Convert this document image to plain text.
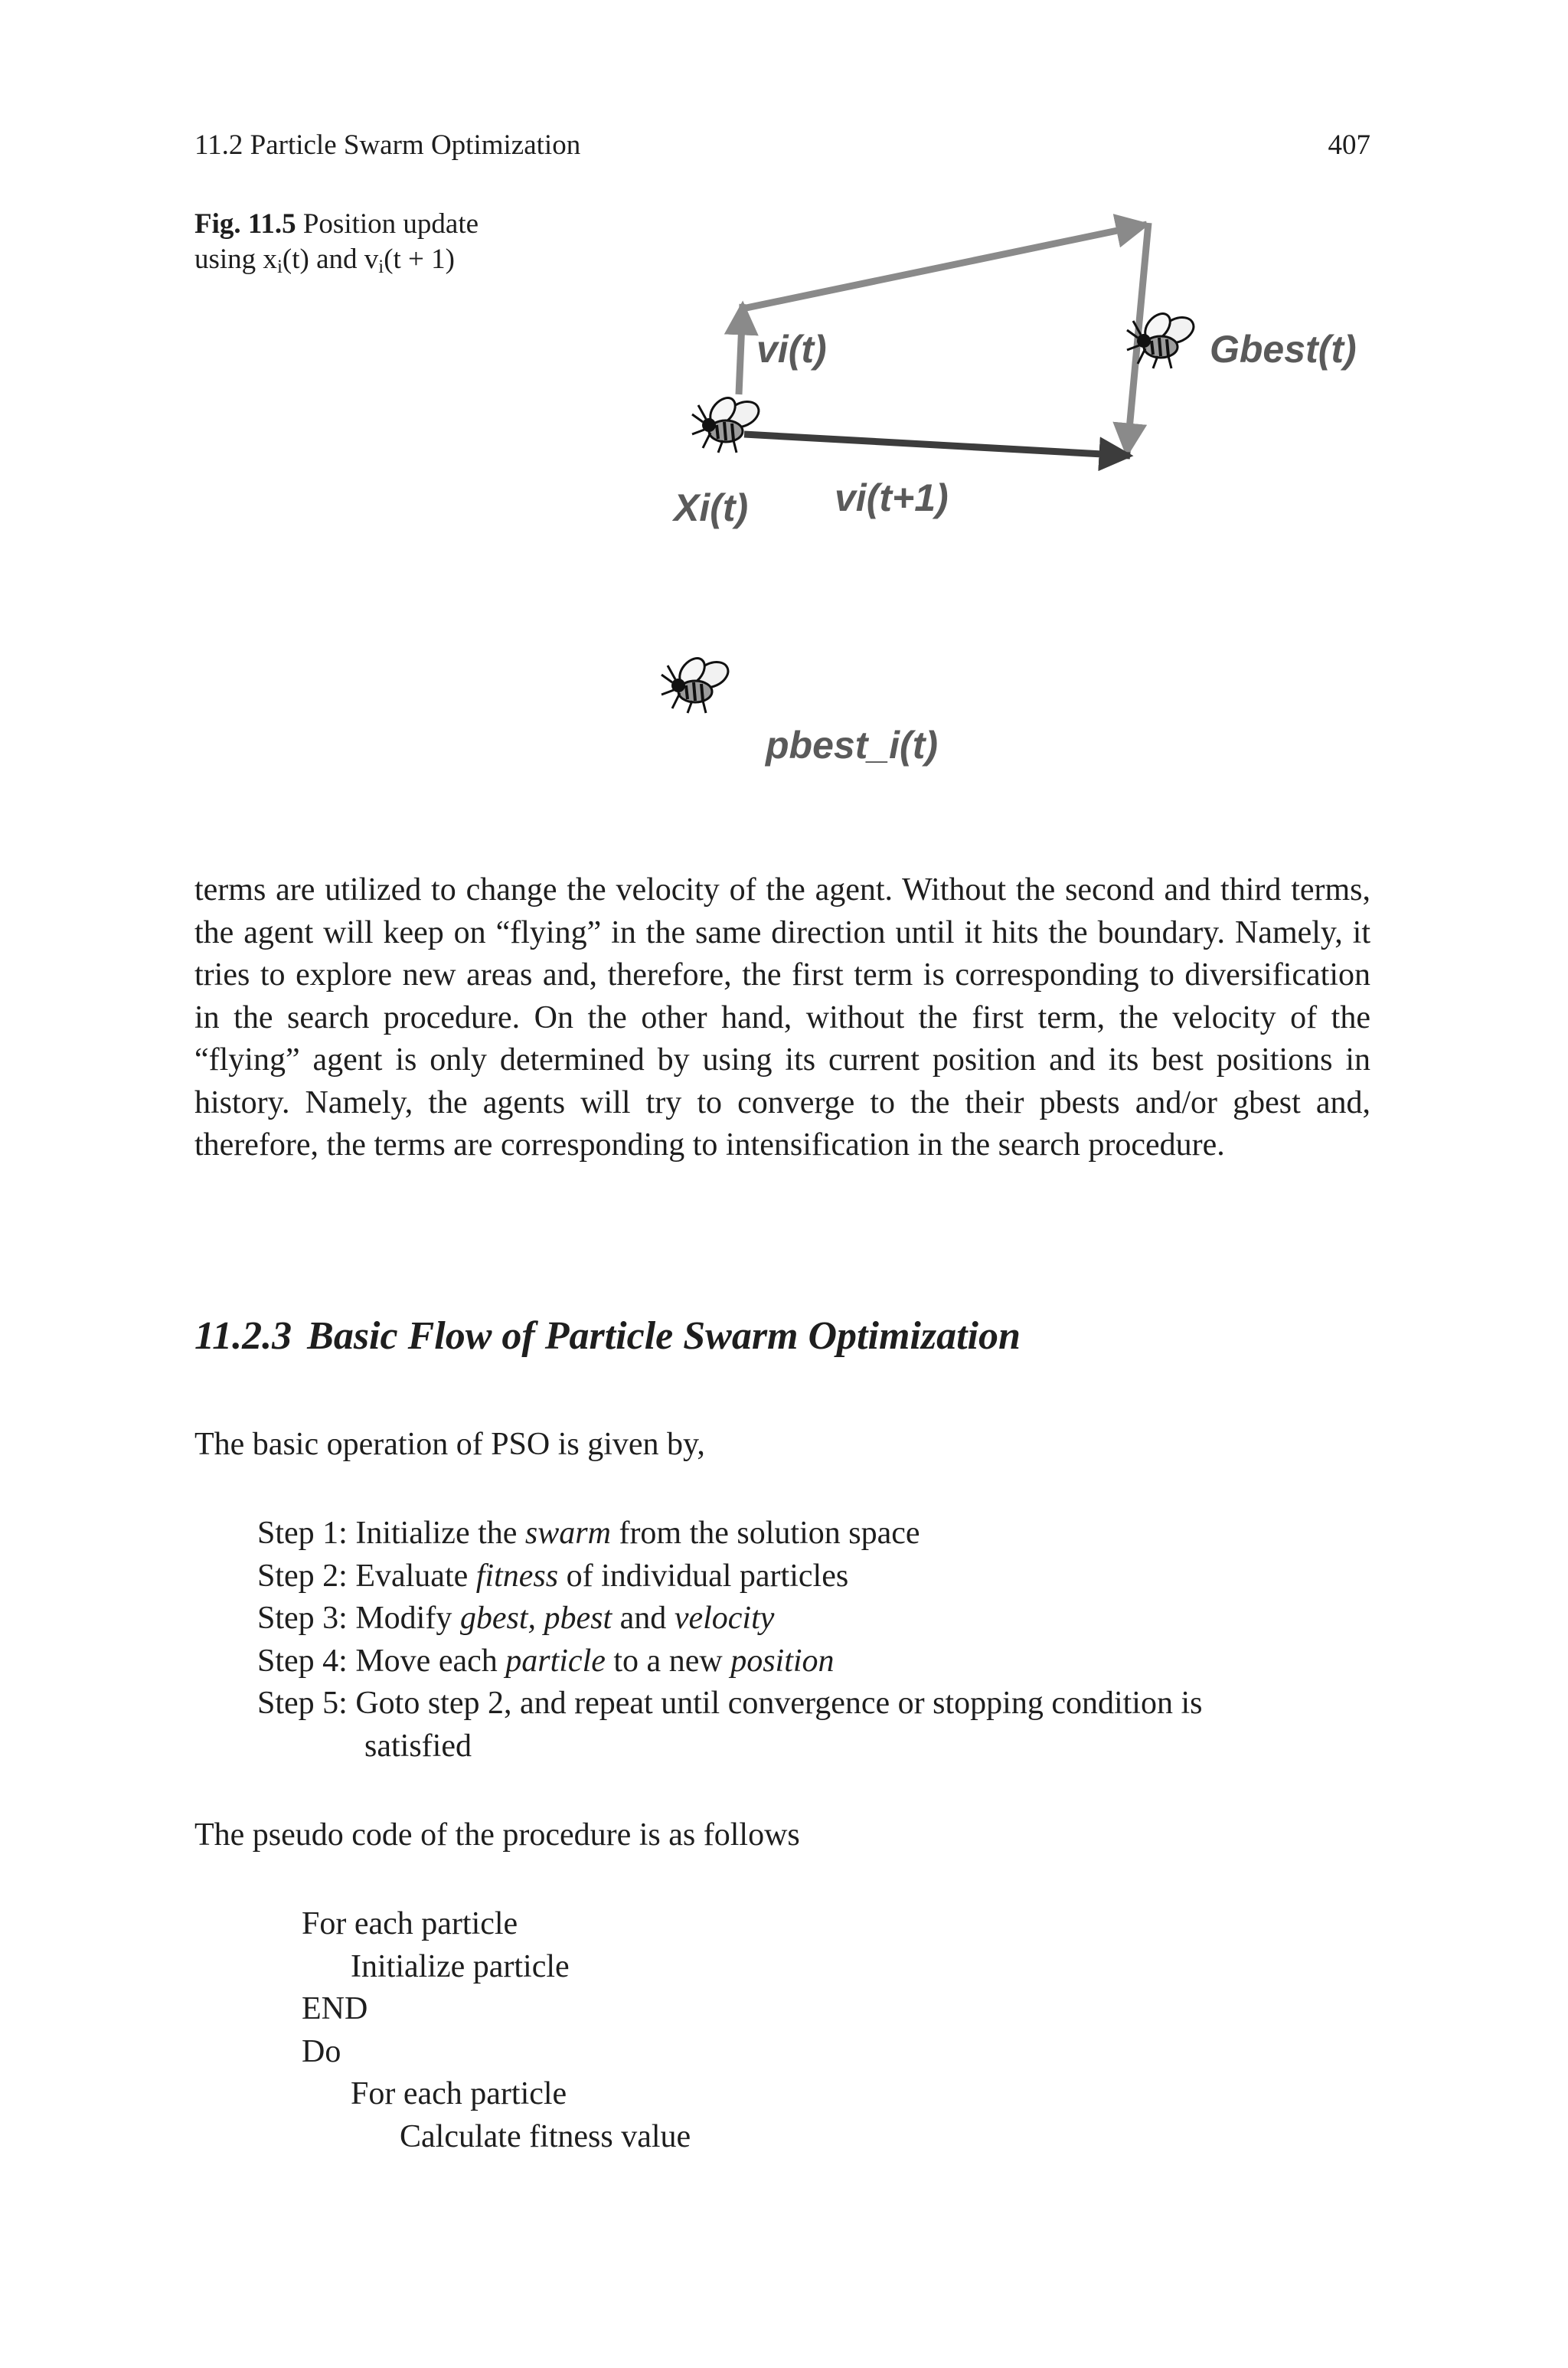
11.2 Particle Swarm Optimization	407
Fig. 11.5 Position update
using $x_i(t)$ and $v_i(t + 1)$
vi(t)	Gbest(t)
Xi(t) vi(t+1)
pbest_i(t)

terms are utilized to change the velocity of the agent. Without the second and third terms, the agent will keep on “flying” in the same direction until it hits the boundary. Namely, it tries to explore new areas and, therefore, the first term is corresponding to diversification in the search procedure. On the other hand, without the first term, the velocity of the “flying” agent is only determined by using its current position and its best positions in history. Namely, the agents will try to converge to the their pbests and/or gbest and, therefore, the terms are corresponding to intensification in the search procedure.

11.2.3 Basic Flow of Particle Swarm Optimization
The basic operation of PSO is given by,
Step 1: Initialize the swarm from the solution space
Step 2: Evaluate fitness of individual particles
Step 3: Modify gbest, pbest and velocity
Step 4: Move each particle to a new position
Step 5: Goto step 2, and repeat until convergence or stopping condition is
satisfied
The pseudo code of the procedure is as follows
For each particle
Initialize particle
END
Do
For each particle
Calculate fitness value
